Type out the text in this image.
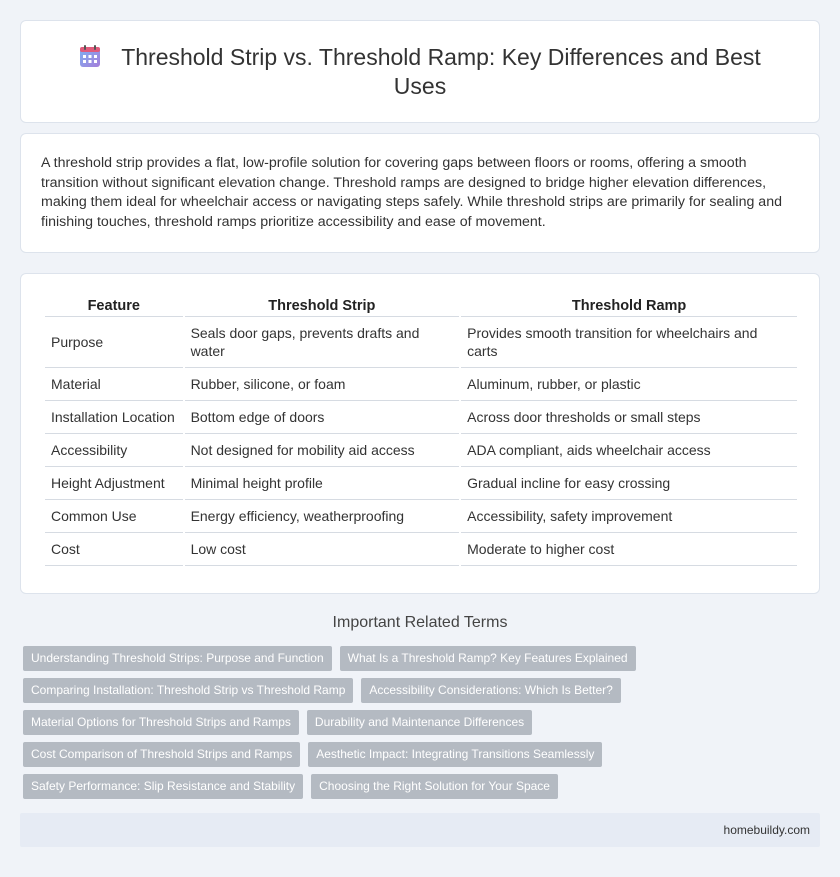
Threshold Strip vs. Threshold Ramp: Key Differences and Best Uses

A threshold strip provides a flat, low-profile solution for covering gaps between floors or rooms, offering a smooth transition without significant elevation change. Threshold ramps are designed to bridge higher elevation differences, making them ideal for wheelchair access or navigating steps safely. While threshold strips are primarily for sealing and finishing touches, threshold ramps prioritize accessibility and ease of movement.

Feature	Threshold Strip	Threshold Ramp
Purpose	Seals door gaps, prevents drafts and water	Provides smooth transition for wheelchairs and carts
Material	Rubber, silicone, or foam	Aluminum, rubber, or plastic
Installation Location	Bottom edge of doors	Across door thresholds or small steps
Accessibility	Not designed for mobility aid access	ADA compliant, aids wheelchair access
Height Adjustment	Minimal height profile	Gradual incline for easy crossing
Common Use	Energy efficiency, weatherproofing	Accessibility, safety improvement
Cost	Low cost	Moderate to higher cost
Important Related Terms
Understanding Threshold Strips: Purpose and Function	What Is a Threshold Ramp? Key Features Explained
Comparing Installation: Threshold Strip vs Threshold Ramp	Accessibility Considerations: Which Is Better?
Material Options for Threshold Strips and Ramps	Durability and Maintenance Differences
Cost Comparison of Threshold Strips and Ramps	Aesthetic Impact: Integrating Transitions Seamlessly
Safety Performance: Slip Resistance and Stability	Choosing the Right Solution for Your Space
homebuildy.com
